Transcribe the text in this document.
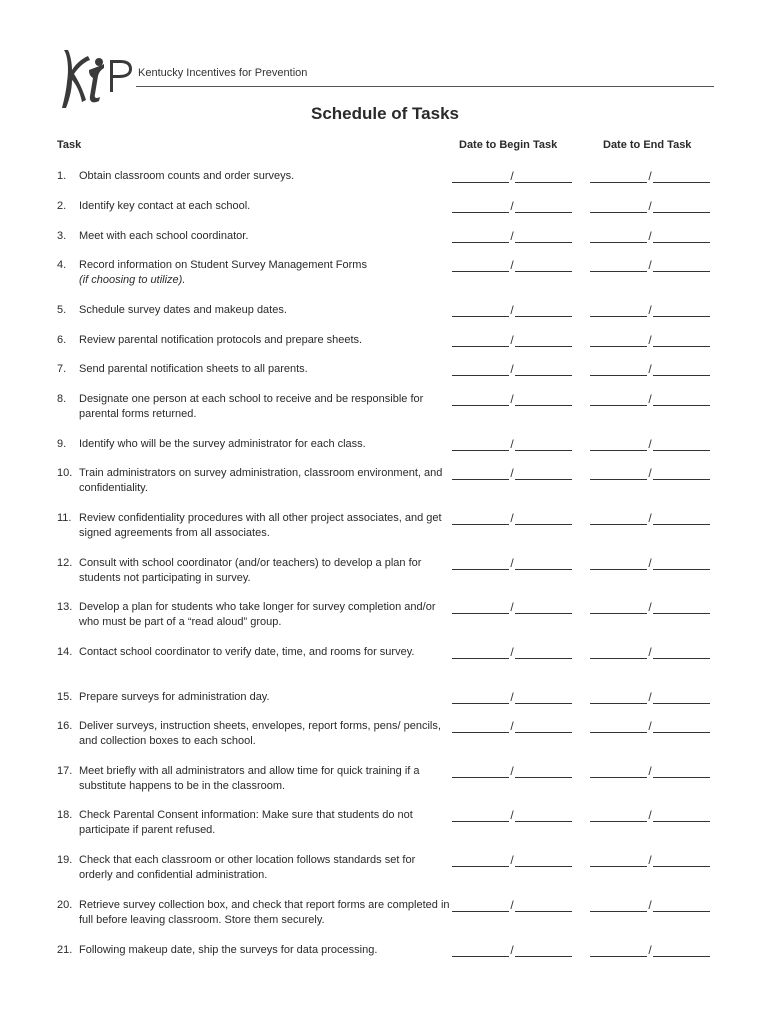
Kentucky Incentives for Prevention
Schedule of Tasks
Task	Date to Begin Task	Date to End Task
1.	Obtain classroom counts and order surveys.	/	/
2.	Identify key contact at each school.	/	/
3.	Meet with each school coordinator.	/	/
4.	Record information on Student Survey Management Forms
(if choosing to utilize).
/	/
5.	Schedule survey dates and makeup dates.	/	/
6.	Review parental notification protocols and prepare sheets.	/	/
7.	Send parental notification sheets to all parents.	/	/
8.	Designate one person at each school to receive and be responsible for parental forms returned.
/	/
9.	Identify who will be the survey administrator for each class.	/	/
10. Train administrators on survey administration, classroom environment, and confidentiality.
/	/
11. Review confidentiality procedures with all other project associates, and get signed agreements from all associates.
/	/
12. Consult with school coordinator (and/or teachers) to develop a plan for students not participating in survey.
/	/
13. Develop a plan for students who take longer for survey completion and/or who must be part of a “read aloud” group.
/	/
14. Contact school coordinator to verify date, time, and rooms for survey.	/	/
15. Prepare surveys for administration day.	/	/
16. Deliver surveys, instruction sheets, envelopes, report forms, pens/ pencils, and collection boxes to each school.
/	/
17. Meet briefly with all administrators and allow time for quick training if a substitute happens to be in the classroom.
/	/
18. Check Parental Consent information: Make sure that students do not participate if parent refused.
/	/
19. Check that each classroom or other location follows standards set for orderly and confidential administration.
/	/
20. Retrieve survey collection box, and check that report forms are completed in full before leaving classroom. Store them securely.
/	/
21. Following makeup date, ship the surveys for data processing.	/	/
